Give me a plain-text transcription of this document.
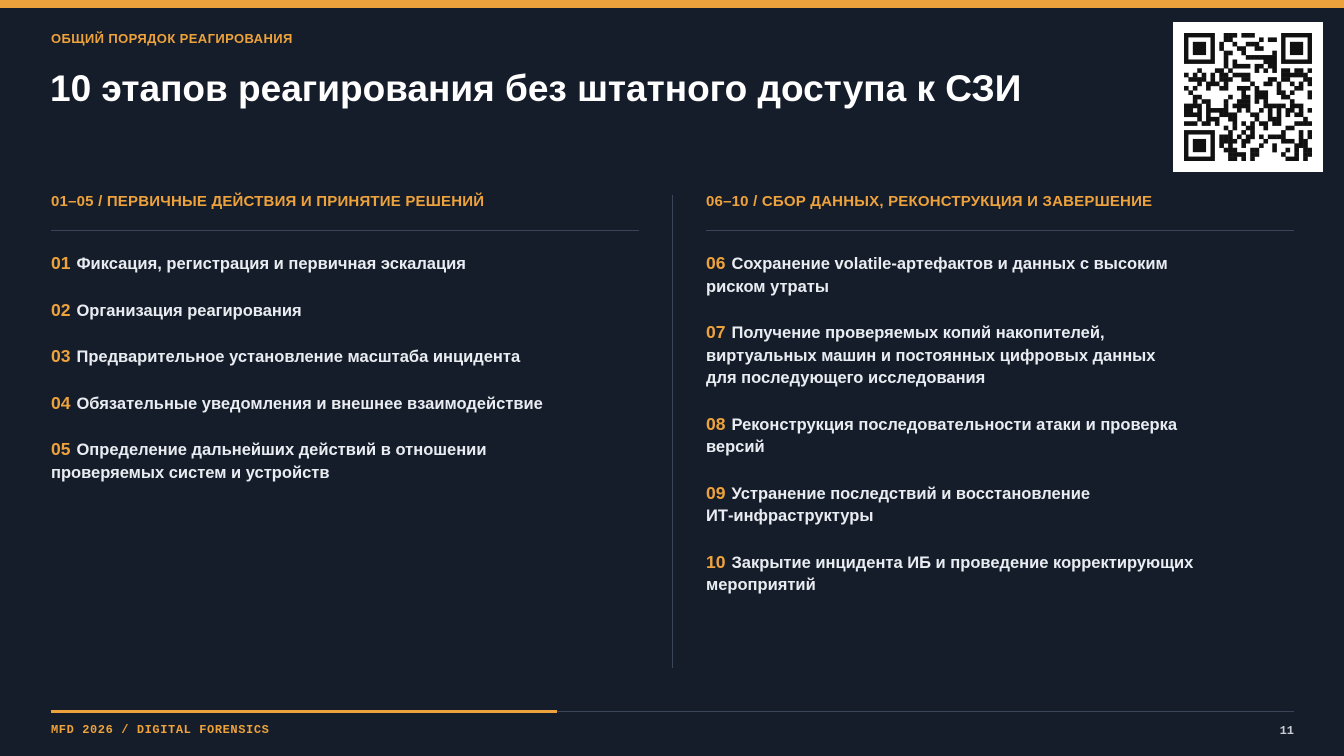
ОБЩИЙ ПОРЯДОК РЕАГИРОВАНИЯ
10 этапов реагирования без штатного доступа к СЗИ
01–05 / ПЕРВИЧНЫЕ ДЕЙСТВИЯ И ПРИНЯТИЕ РЕШЕНИЙ
01 Фиксация, регистрация и первичная эскалация
02 Организация реагирования
03 Предварительное установление масштаба инцидента
04 Обязательные уведомления и внешнее взаимодействие
05 Определение дальнейших действий в отношении
проверяемых систем и устройств
06–10 / СБОР ДАННЫХ, РЕКОНСТРУКЦИЯ И ЗАВЕРШЕНИЕ
06 Сохранение volatile-артефактов и данных с высоким
риском утраты
07 Получение проверяемых копий накопителей,
виртуальных машин и постоянных цифровых данных
для последующего исследования
08 Реконструкция последовательности атаки и проверка
версий
09 Устранение последствий и восстановление
ИТ-инфраструктуры
10 Закрытие инцидента ИБ и проведение корректирующих
мероприятий
MFD 2026 / DIGITAL FORENSICS	11
